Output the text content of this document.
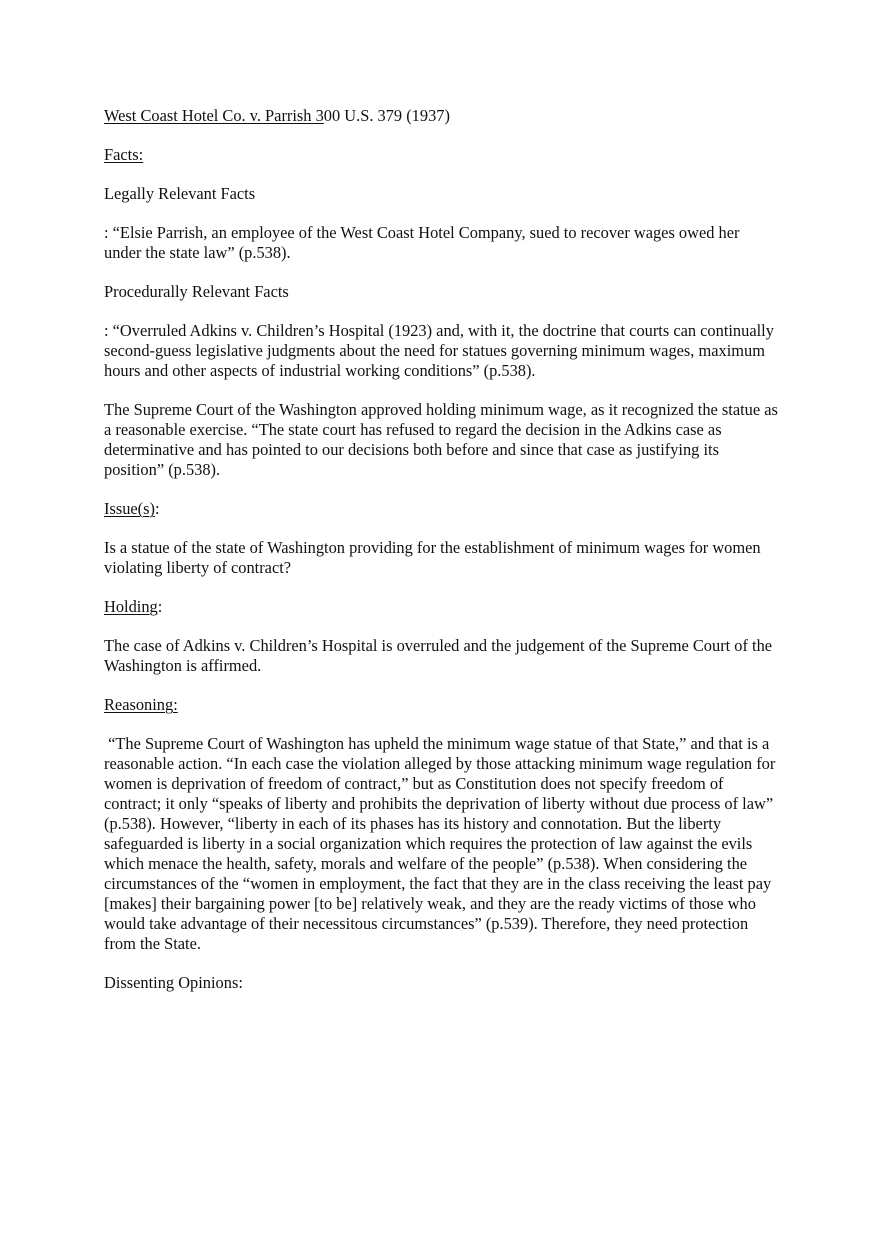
West Coast Hotel Co. v. Parrish 300 U.S. 379 (1937)

Facts:

Legally Relevant Facts

: “Elsie Parrish, an employee of the West Coast Hotel Company, sued to recover wages owed her under the state law” (p.538).

Procedurally Relevant Facts

: “Overruled Adkins v. Children’s Hospital (1923) and, with it, the doctrine that courts can continually second-guess legislative judgments about the need for statues governing minimum wages, maximum hours and other aspects of industrial working conditions” (p.538).

The Supreme Court of the Washington approved holding minimum wage, as it recognized the statue as a reasonable exercise. “The state court has refused to regard the decision in the Adkins case as determinative and has pointed to our decisions both before and since that case as justifying its position” (p.538).

Issue(s):

Is a statue of the state of Washington providing for the establishment of minimum wages for women violating liberty of contract?

Holding:

The case of Adkins v. Children’s Hospital is overruled and the judgement of the Supreme Court of the Washington is affirmed.

Reasoning:

“The Supreme Court of Washington has upheld the minimum wage statue of that State,” and that is a reasonable action. “In each case the violation alleged by those attacking minimum wage regulation for women is deprivation of freedom of contract,” but as Constitution does not specify freedom of contract; it only “speaks of liberty and prohibits the deprivation of liberty without due process of law” (p.538). However, “liberty in each of its phases has its history and connotation. But the liberty safeguarded is liberty in a social organization which requires the protection of law against the evils which menace the health, safety, morals and welfare of the people” (p.538). When considering the circumstances of the “women in employment, the fact that they are in the class receiving the least pay [makes] their bargaining power [to be] relatively weak, and they are the ready victims of those who would take advantage of their necessitous circumstances” (p.539). Therefore, they need protection from the State.

Dissenting Opinions:
